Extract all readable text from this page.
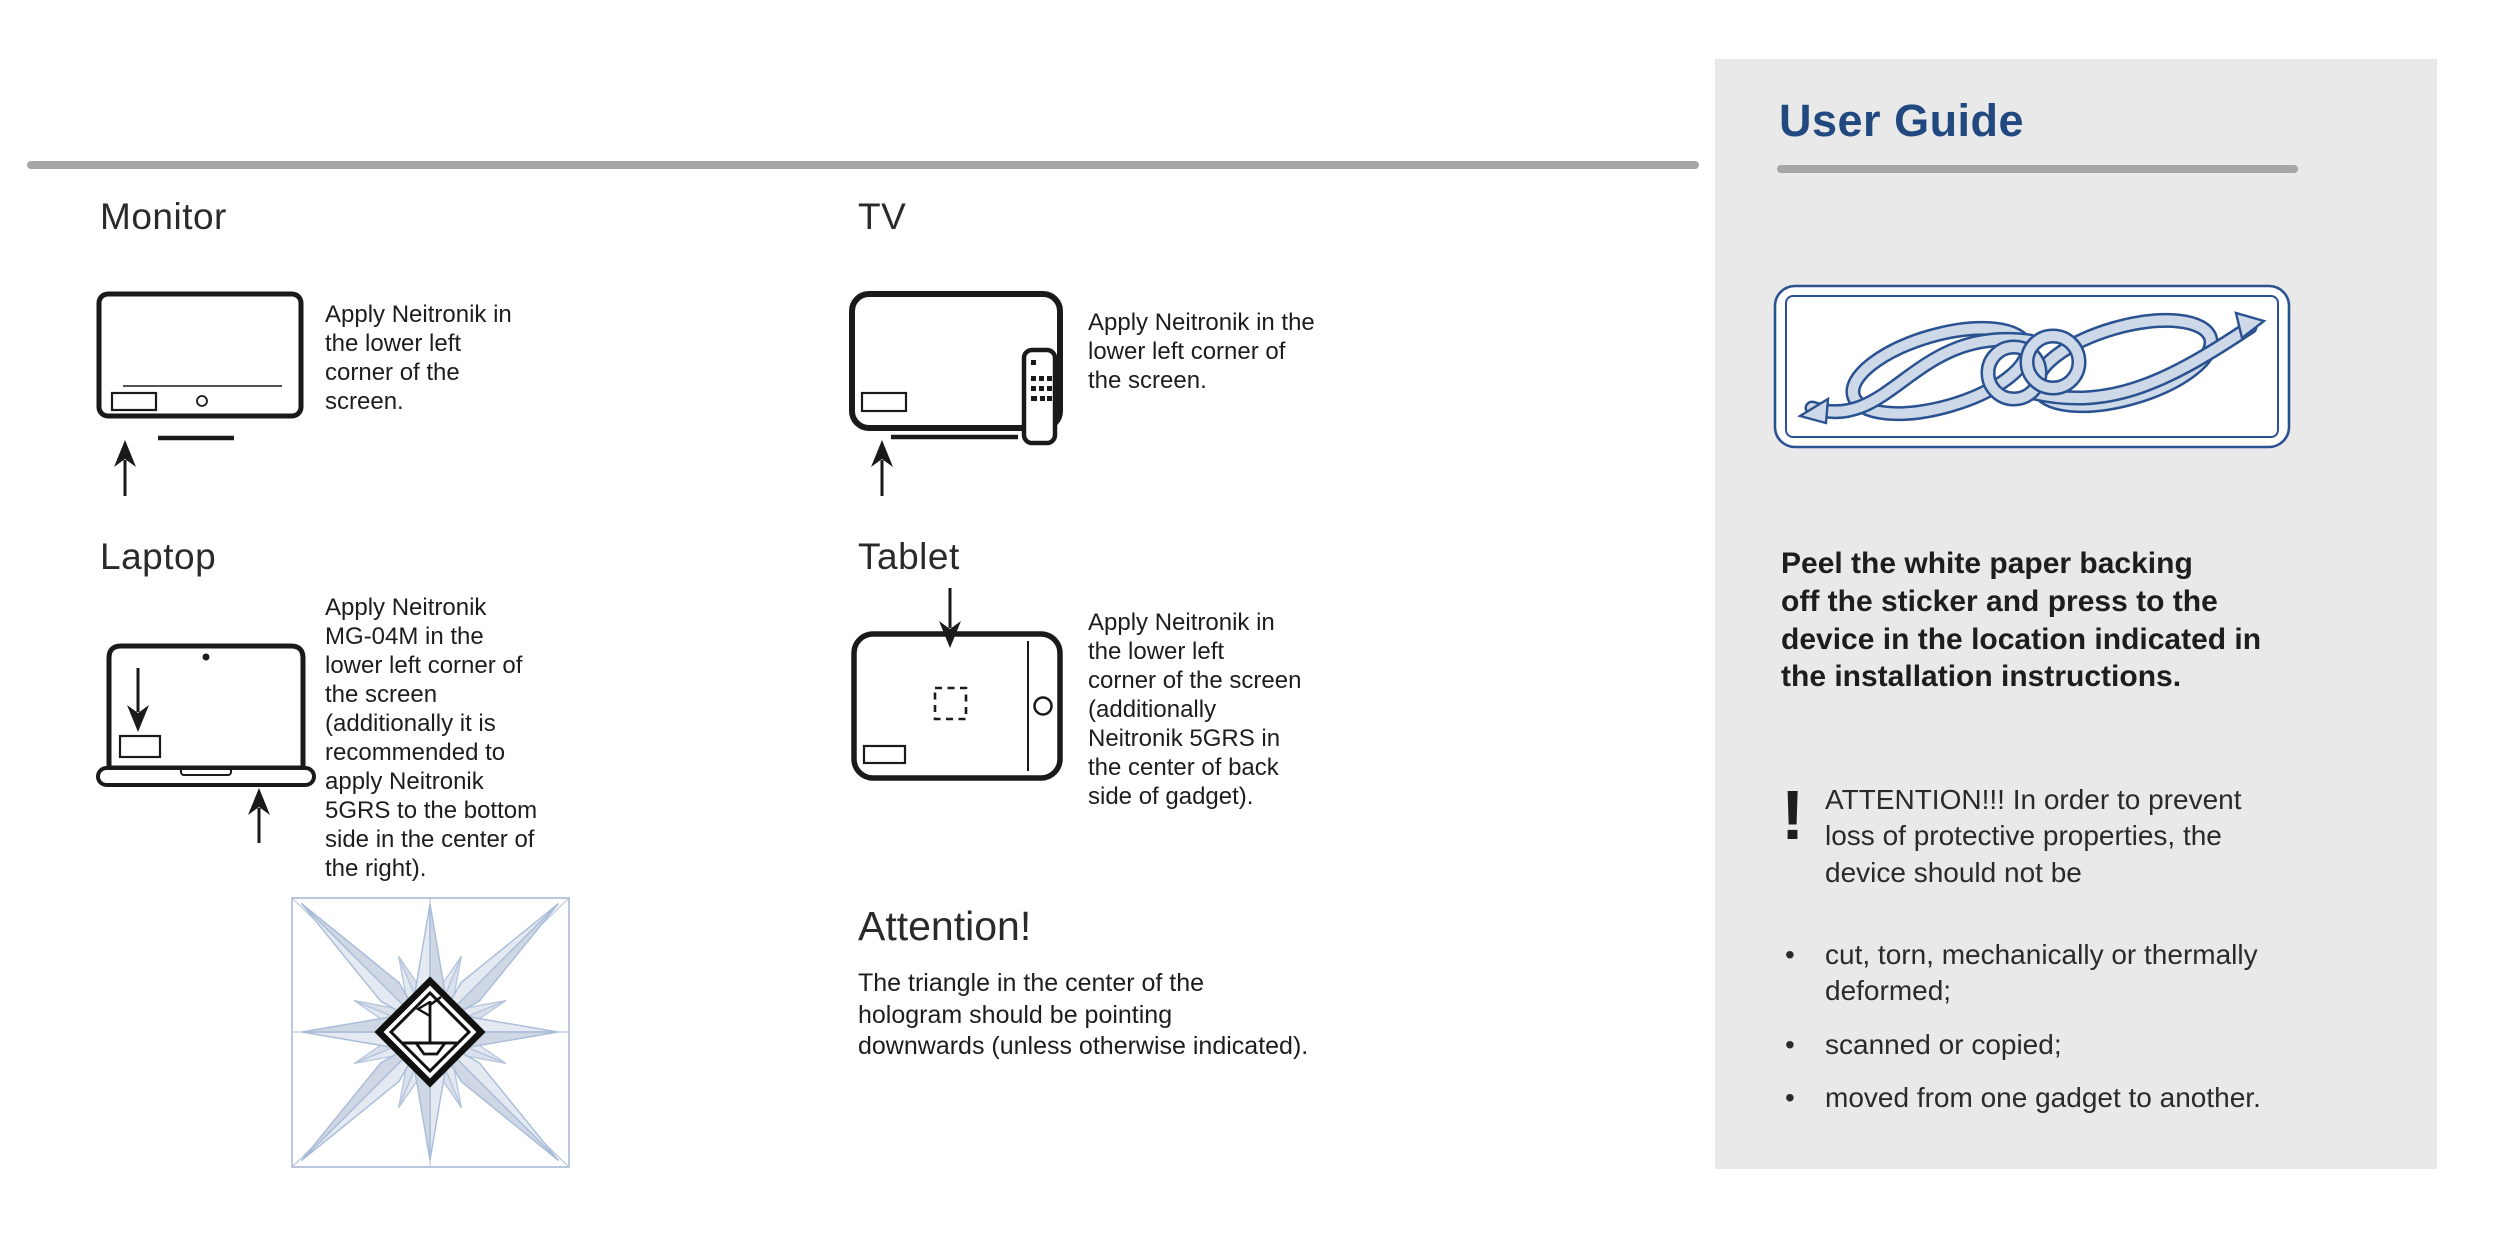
Monitor
Apply Neitronik in
the lower left
corner of the
screen.
TV
Apply Neitronik in the
lower left corner of
the screen.
Laptop
Apply Neitronik
MG-04M in the
lower left corner of
the screen
(additionally it is
recommended to
apply Neitronik
5GRS to the bottom
side in the center of
the right).
Tablet
Apply Neitronik in
the lower left
corner of the screen
(additionally
Neitronik 5GRS in
the center of back
side of gadget).
Attention!
The triangle in the center of the
hologram should be pointing
downwards (unless otherwise indicated).
User Guide
Peel the white paper backing
off the sticker and press to the
device in the location indicated in
the installation instructions.
! ATTENTION!!! In order to prevent
loss of protective properties, the
device should not be
•	cut, torn, mechanically or thermally deformed;
•	scanned or copied;
•	moved from one gadget to another.
